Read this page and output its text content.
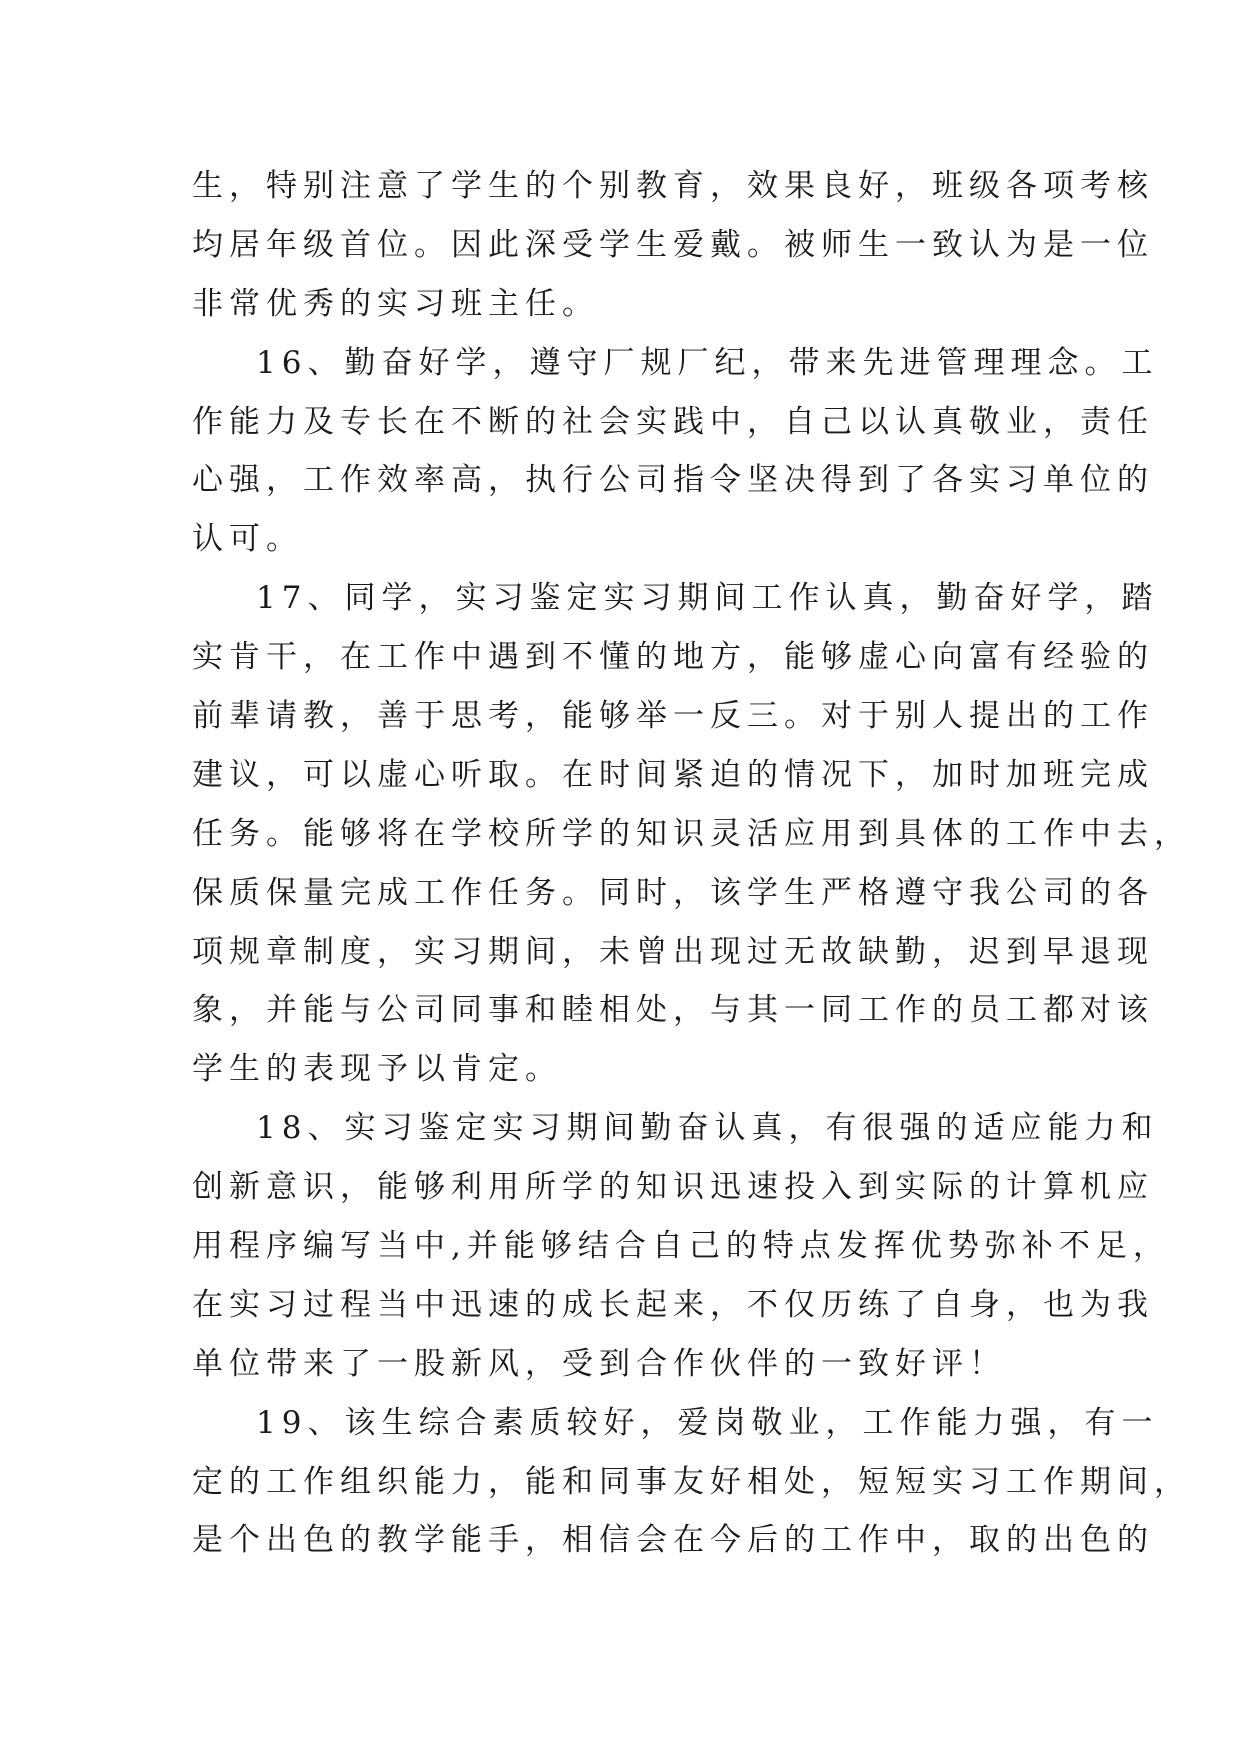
生，特别注意了学生的个别教育，效果良好，班级各项考核
均居年级首位。因此深受学生爱戴。被师生一致认为是一位
非常优秀的实习班主任。
16、勤奋好学，遵守厂规厂纪，带来先进管理理念。工
作能力及专长在不断的社会实践中，自己以认真敬业，责任
心强，工作效率高，执行公司指令坚决得到了各实习单位的
认可。
17、同学，实习鉴定实习期间工作认真，勤奋好学，踏
实肯干，在工作中遇到不懂的地方，能够虚心向富有经验的
前辈请教，善于思考，能够举一反三。对于别人提出的工作
建议，可以虚心听取。在时间紧迫的情况下，加时加班完成
任务。能够将在学校所学的知识灵活应用到具体的工作中去，
保质保量完成工作任务。同时，该学生严格遵守我公司的各
项规章制度，实习期间，未曾出现过无故缺勤，迟到早退现
象，并能与公司同事和睦相处，与其一同工作的员工都对该
学生的表现予以肯定。
18、实习鉴定实习期间勤奋认真，有很强的适应能力和
创新意识，能够利用所学的知识迅速投入到实际的计算机应
用程序编写当中,并能够结合自己的特点发挥优势弥补不足，
在实习过程当中迅速的成长起来，不仅历练了自身，也为我
单位带来了一股新风，受到合作伙伴的一致好评！
19、该生综合素质较好，爱岗敬业，工作能力强，有一
定的工作组织能力，能和同事友好相处，短短实习工作期间，
是个出色的教学能手，相信会在今后的工作中，取的出色的
